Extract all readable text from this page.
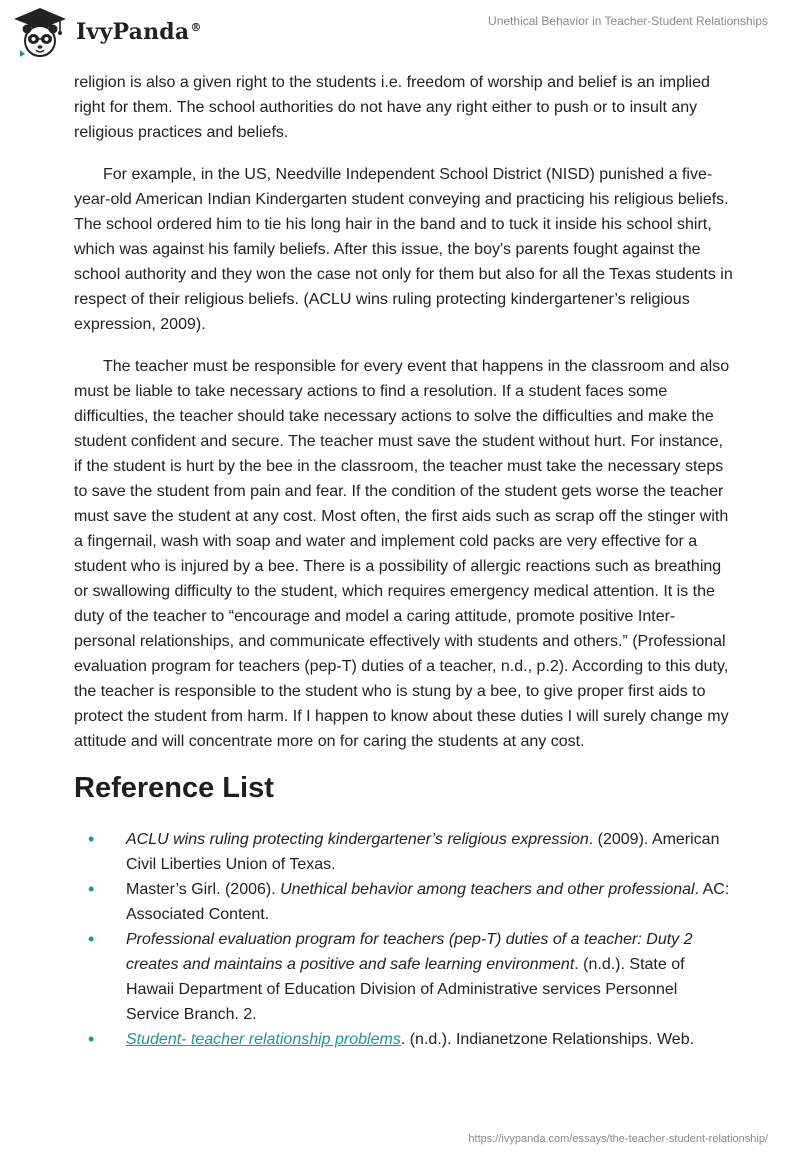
IvyPanda®	Unethical Behavior in Teacher-Student Relationships

religion is also a given right to the students i.e. freedom of worship and belief is an implied right for them. The school authorities do not have any right either to push or to insult any religious practices and beliefs.

For example, in the US, Needville Independent School District (NISD) punished a five-year-old American Indian Kindergarten student conveying and practicing his religious beliefs. The school ordered him to tie his long hair in the band and to tuck it inside his school shirt, which was against his family beliefs. After this issue, the boy's parents fought against the school authority and they won the case not only for them but also for all the Texas students in respect of their religious beliefs. (ACLU wins ruling protecting kindergartener’s religious expression, 2009).

The teacher must be responsible for every event that happens in the classroom and also must be liable to take necessary actions to find a resolution. If a student faces some difficulties, the teacher should take necessary actions to solve the difficulties and make the student confident and secure. The teacher must save the student without hurt. For instance, if the student is hurt by the bee in the classroom, the teacher must take the necessary steps to save the student from pain and fear. If the condition of the student gets worse the teacher must save the student at any cost. Most often, the first aids such as scrap off the stinger with a fingernail, wash with soap and water and implement cold packs are very effective for a student who is injured by a bee. There is a possibility of allergic reactions such as breathing or swallowing difficulty to the student, which requires emergency medical attention. It is the duty of the teacher to “encourage and model a caring attitude, promote positive Inter-personal relationships, and communicate effectively with students and others.” (Professional evaluation program for teachers (pep-T) duties of a teacher, n.d., p.2). According to this duty, the teacher is responsible to the student who is stung by a bee, to give proper first aids to protect the student from harm. If I happen to know about these duties I will surely change my attitude and will concentrate more on for caring the students at any cost.

Reference List
• ACLU wins ruling protecting kindergartener’s religious expression. (2009). American Civil Liberties Union of Texas.
• Master’s Girl. (2006). Unethical behavior among teachers and other professional. AC: Associated Content.
• Professional evaluation program for teachers (pep-T) duties of a teacher: Duty 2 creates and maintains a positive and safe learning environment. (n.d.). State of Hawaii Department of Education Division of Administrative services Personnel Service Branch. 2.
• Student- teacher relationship problems. (n.d.). Indianetzone Relationships. Web.
https://ivypanda.com/essays/the-teacher-student-relationship/
